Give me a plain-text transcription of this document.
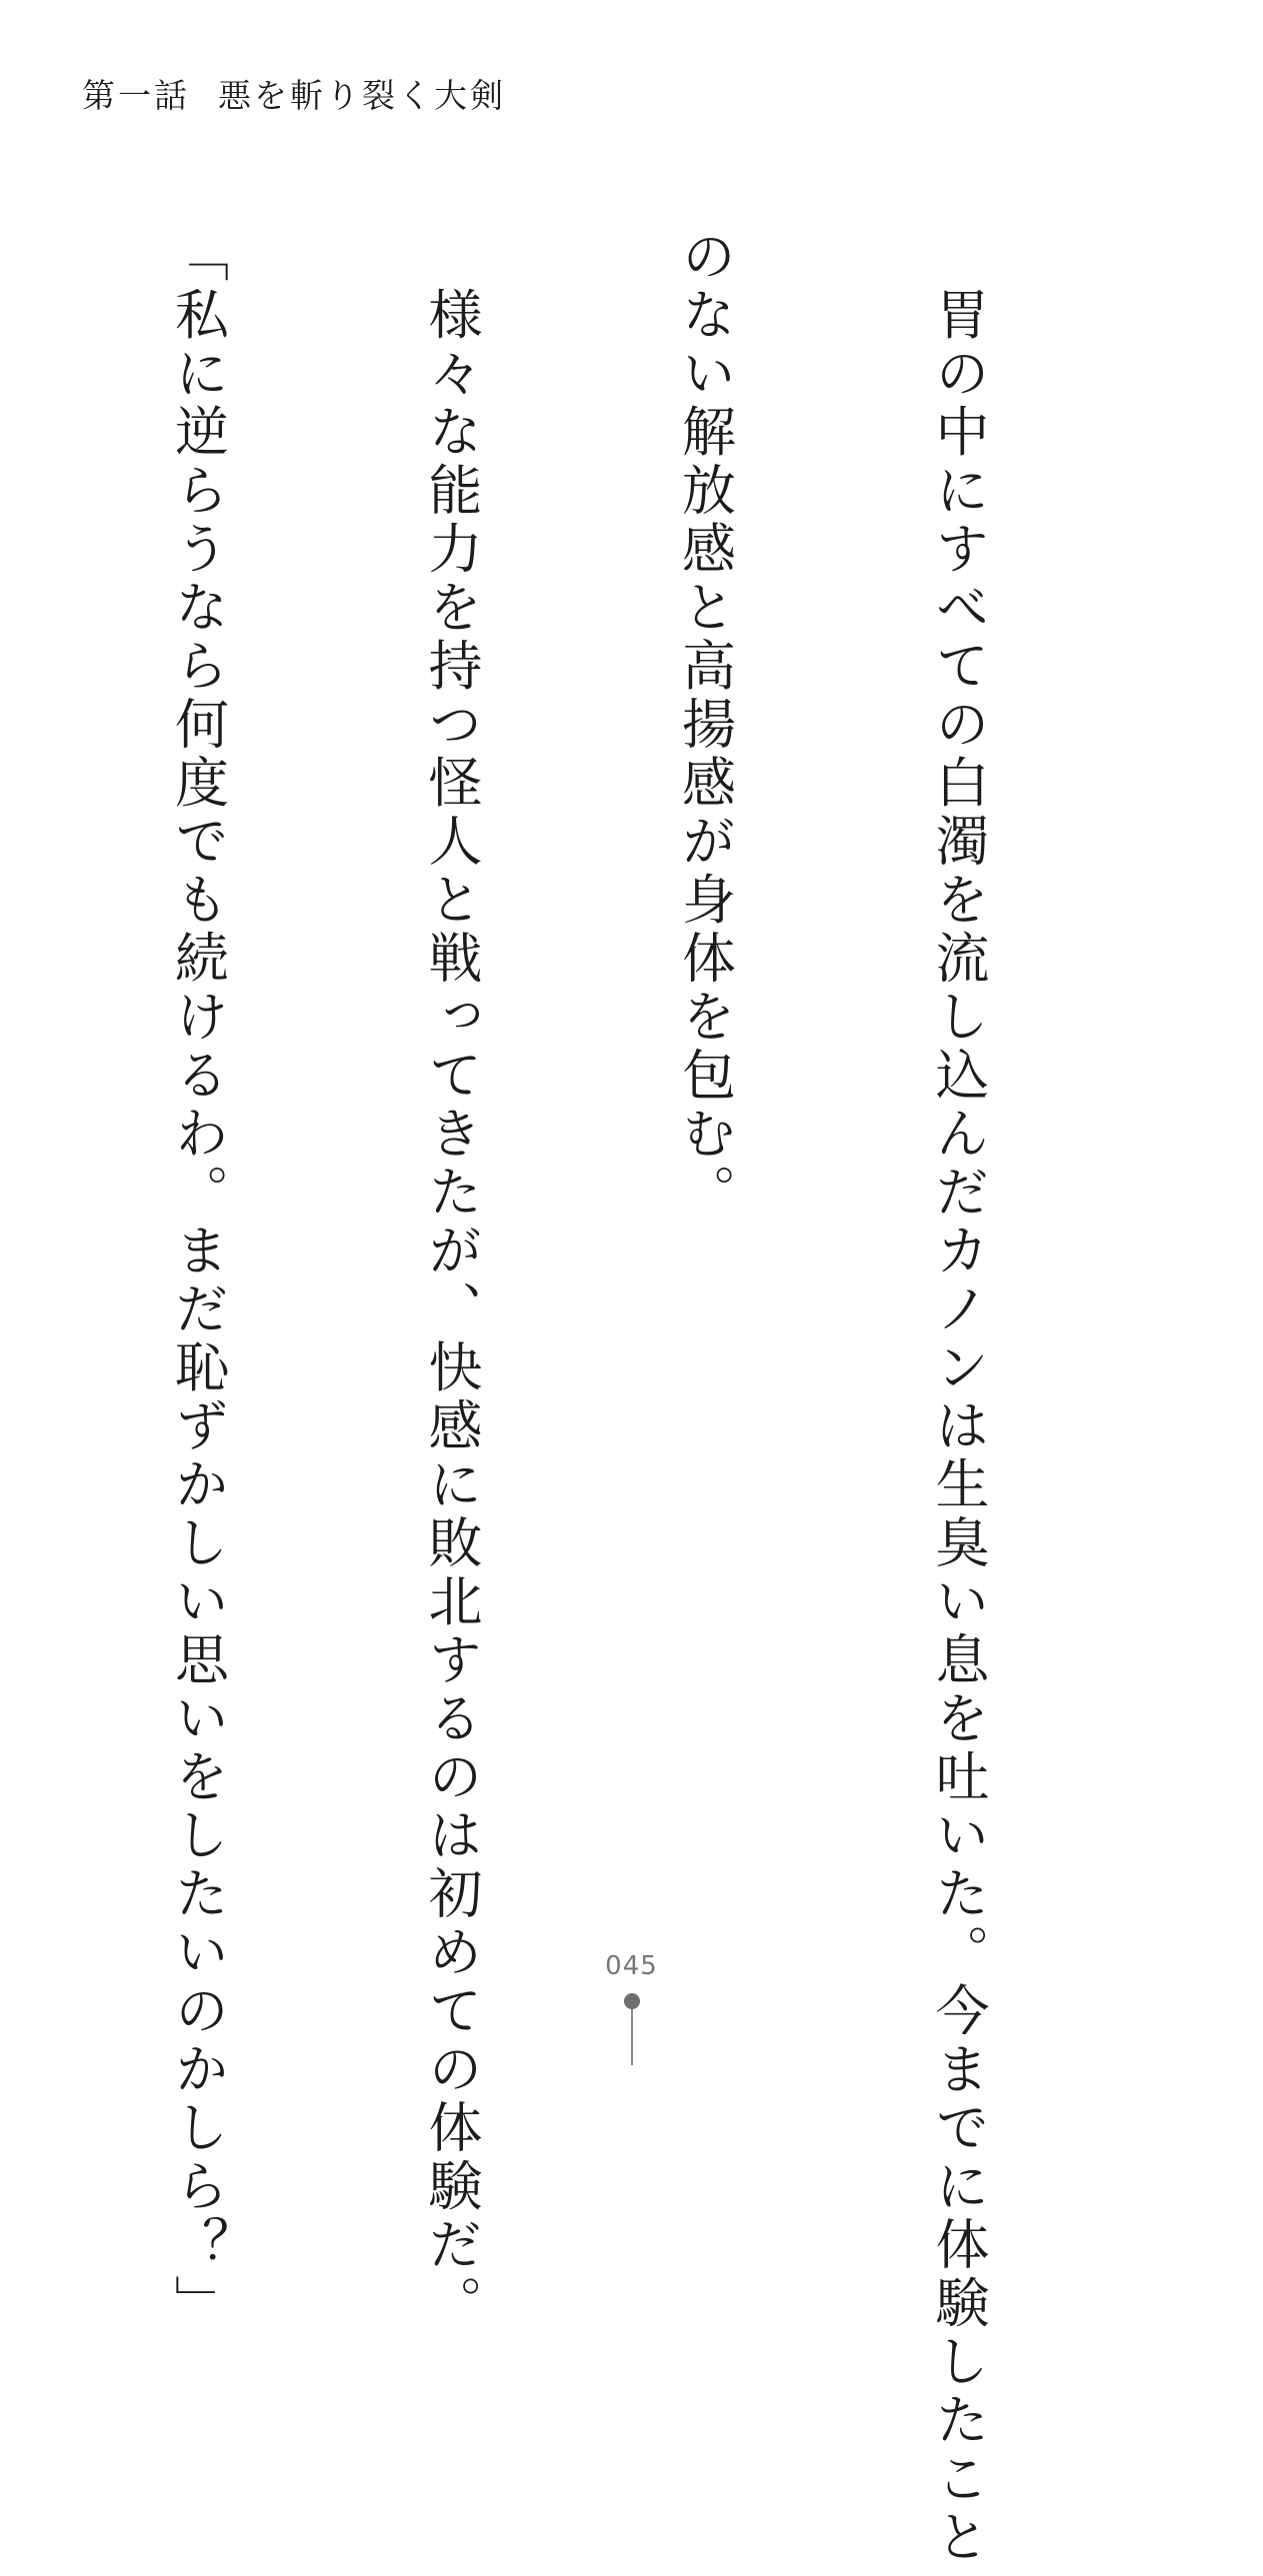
第一話 悪を斬り裂く大剣

　胃の中にすべての白濁を流し込んだカノンは生臭い息を吐いた。今までに体験したこと

のない解放感と高揚感が身体を包む。

　様々な能力を持つ怪人と戦ってきたが、快感に敗北するのは初めての体験だ。

「私に逆らうなら何度でも続けるわ。まだ恥ずかしい思いをしたいのかしら？」

	045
